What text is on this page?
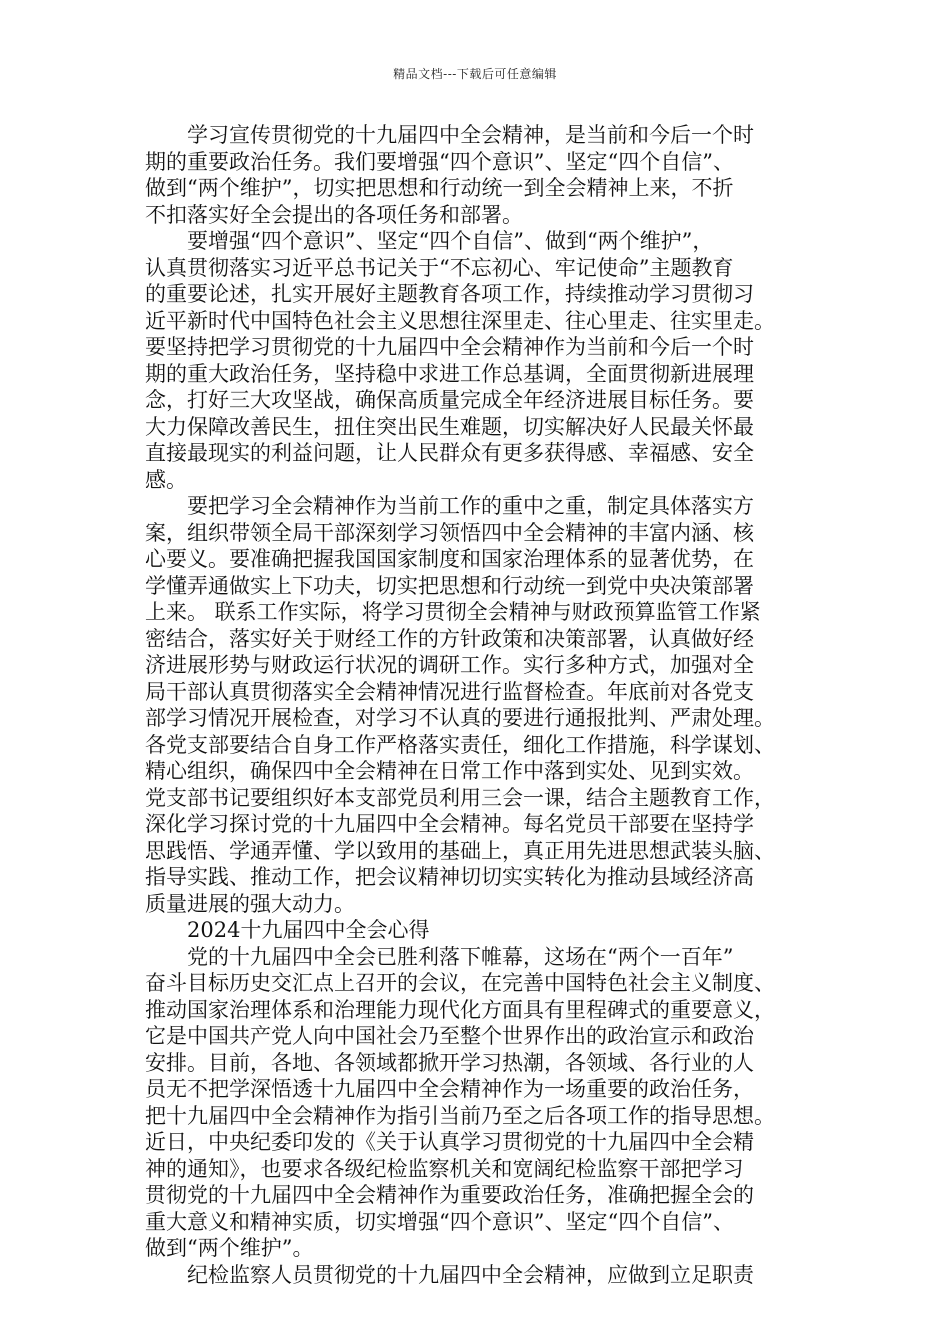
精品文档---下载后可任意编辑

学习宣传贯彻党的十九届四中全会精神，是当前和今后一个时
期的重要政治任务。我们要增强“四个意识”、坚定“四个自信”、
做到“两个维护”，切实把思想和行动统一到全会精神上来，不折
不扣落实好全会提出的各项任务和部署。

要增强“四个意识”、坚定“四个自信”、做到“两个维护”，
认真贯彻落实习近平总书记关于“不忘初心、牢记使命”主题教育
的重要论述，扎实开展好主题教育各项工作，持续推动学习贯彻习
近平新时代中国特色社会主义思想往深里走、往心里走、往实里走。
要坚持把学习贯彻党的十九届四中全会精神作为当前和今后一个时
期的重大政治任务，坚持稳中求进工作总基调，全面贯彻新进展理
念，打好三大攻坚战，确保高质量完成全年经济进展目标任务。要
大力保障改善民生，扭住突出民生难题，切实解决好人民最关怀最
直接最现实的利益问题，让人民群众有更多获得感、幸福感、安全
感。

要把学习全会精神作为当前工作的重中之重，制定具体落实方
案，组织带领全局干部深刻学习领悟四中全会精神的丰富内涵、核
心要义。要准确把握我国国家制度和国家治理体系的显著优势，在
学懂弄通做实上下功夫，切实把思想和行动统一到党中央决策部署
上来。 联系工作实际，将学习贯彻全会精神与财政预算监管工作紧
密结合，落实好关于财经工作的方针政策和决策部署，认真做好经
济进展形势与财政运行状况的调研工作。实行多种方式，加强对全
局干部认真贯彻落实全会精神情况进行监督检查。年底前对各党支
部学习情况开展检查，对学习不认真的要进行通报批判、严肃处理。
各党支部要结合自身工作严格落实责任，细化工作措施，科学谋划、
精心组织，确保四中全会精神在日常工作中落到实处、见到实效。
党支部书记要组织好本支部党员利用三会一课，结合主题教育工作，
深化学习探讨党的十九届四中全会精神。每名党员干部要在坚持学
思践悟、学通弄懂、学以致用的基础上，真正用先进思想武装头脑、
指导实践、推动工作，把会议精神切切实实转化为推动县域经济高
质量进展的强大动力。

2024十九届四中全会心得

党的十九届四中全会已胜利落下帷幕，这场在“两个一百年”
奋斗目标历史交汇点上召开的会议，在完善中国特色社会主义制度、
推动国家治理体系和治理能力现代化方面具有里程碑式的重要意义，
它是中国共产党人向中国社会乃至整个世界作出的政治宣示和政治
安排。目前，各地、各领域都掀开学习热潮，各领域、各行业的人
员无不把学深悟透十九届四中全会精神作为一场重要的政治任务，
把十九届四中全会精神作为指引当前乃至之后各项工作的指导思想。
近日，中央纪委印发的《关于认真学习贯彻党的十九届四中全会精
神的通知》，也要求各级纪检监察机关和宽阔纪检监察干部把学习
贯彻党的十九届四中全会精神作为重要政治任务，准确把握全会的
重大意义和精神实质，切实增强“四个意识”、坚定“四个自信”、
做到“两个维护”。

纪检监察人员贯彻党的十九届四中全会精神，应做到立足职责
